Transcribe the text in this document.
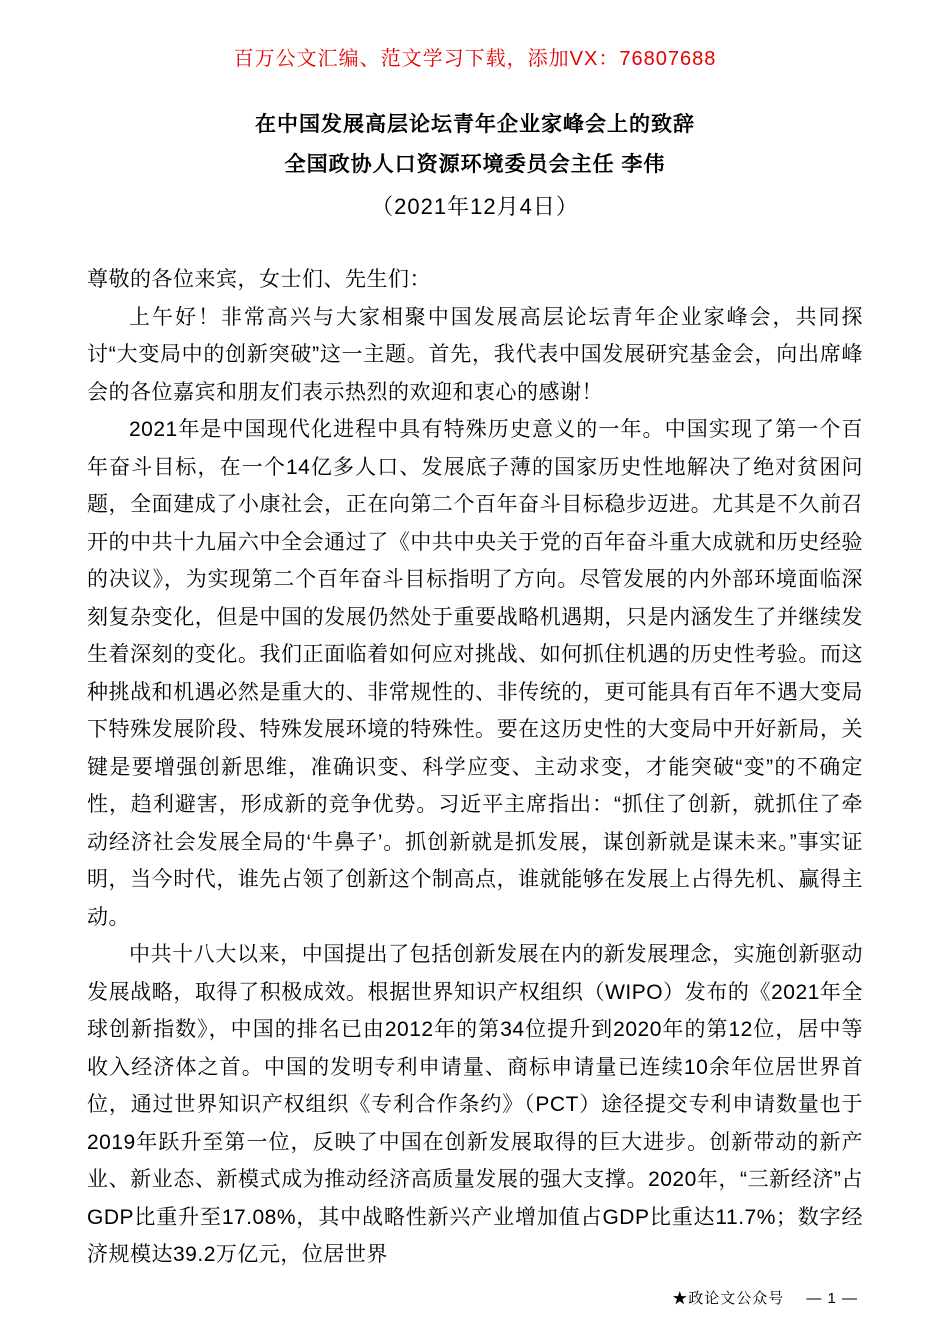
百万公文汇编、范文学习下载，添加VX：76807688
在中国发展高层论坛青年企业家峰会上的致辞
全国政协人口资源环境委员会主任 李伟
（2021年12月4日）

尊敬的各位来宾，女士们、先生们：

上午好！非常高兴与大家相聚中国发展高层论坛青年企业家峰会，共同探讨“大变局中的创新突破”这一主题。首先，我代表中国发展研究基金会，向出席峰会的各位嘉宾和朋友们表示热烈的欢迎和衷心的感谢！

2021年是中国现代化进程中具有特殊历史意义的一年。中国实现了第一个百年奋斗目标，在一个14亿多人口、发展底子薄的国家历史性地解决了绝对贫困问题，全面建成了小康社会，正在向第二个百年奋斗目标稳步迈进。尤其是不久前召开的中共十九届六中全会通过了《中共中央关于党的百年奋斗重大成就和历史经验的决议》，为实现第二个百年奋斗目标指明了方向。尽管发展的内外部环境面临深刻复杂变化，但是中国的发展仍然处于重要战略机遇期，只是内涵发生了并继续发生着深刻的变化。我们正面临着如何应对挑战、如何抓住机遇的历史性考验。而这种挑战和机遇必然是重大的、非常规性的、非传统的，更可能具有百年不遇大变局下特殊发展阶段、特殊发展环境的特殊性。要在这历史性的大变局中开好新局，关键是要增强创新思维，准确识变、科学应变、主动求变，才能突破“变”的不确定性，趋利避害，形成新的竞争优势。习近平主席指出：“抓住了创新，就抓住了牵动经济社会发展全局的‘牛鼻子’。抓创新就是抓发展，谋创新就是谋未来。”事实证明，当今时代，谁先占领了创新这个制高点，谁就能够在发展上占得先机、赢得主动。

中共十八大以来，中国提出了包括创新发展在内的新发展理念，实施创新驱动发展战略，取得了积极成效。根据世界知识产权组织（WIPO）发布的《2021年全球创新指数》，中国的排名已由2012年的第34位提升到2020年的第12位，居中等收入经济体之首。中国的发明专利申请量、商标申请量已连续10余年位居世界首位，通过世界知识产权组织《专利合作条约》（PCT）途径提交专利申请数量也于2019年跃升至第一位，反映了中国在创新发展取得的巨大进步。创新带动的新产业、新业态、新模式成为推动经济高质量发展的强大支撑。2020年，“三新经济”占GDP比重升至17.08%，其中战略性新兴产业增加值占GDP比重达11.7%；数字经济规模达39.2万亿元，位居世界

★政论文公众号 — 1 —
